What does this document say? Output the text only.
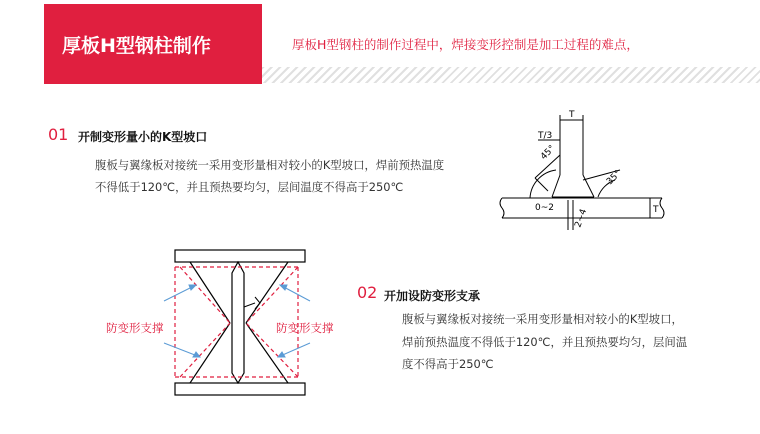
厚板H型钢柱制作	厚板H型钢柱的制作过程中，焊接变形控制是加工过程的难点，
01 开制变形量小的K型坡口
腹板与翼缘板对接统一采用变形量相对较小的K型坡口，焊前预热温度
不得低于120℃，并且预热要均匀，层间温度不得高于250℃
02 开加设防变形支承
腹板与翼缘板对接统一采用变形量相对较小的K型坡口，
焊前预热温度不得低于120℃，并且预热要均匀，层间温
度不得高于250℃
T/3
T
45°
35°
0~2 2~4	T
防变形支撑	防变形支撑
